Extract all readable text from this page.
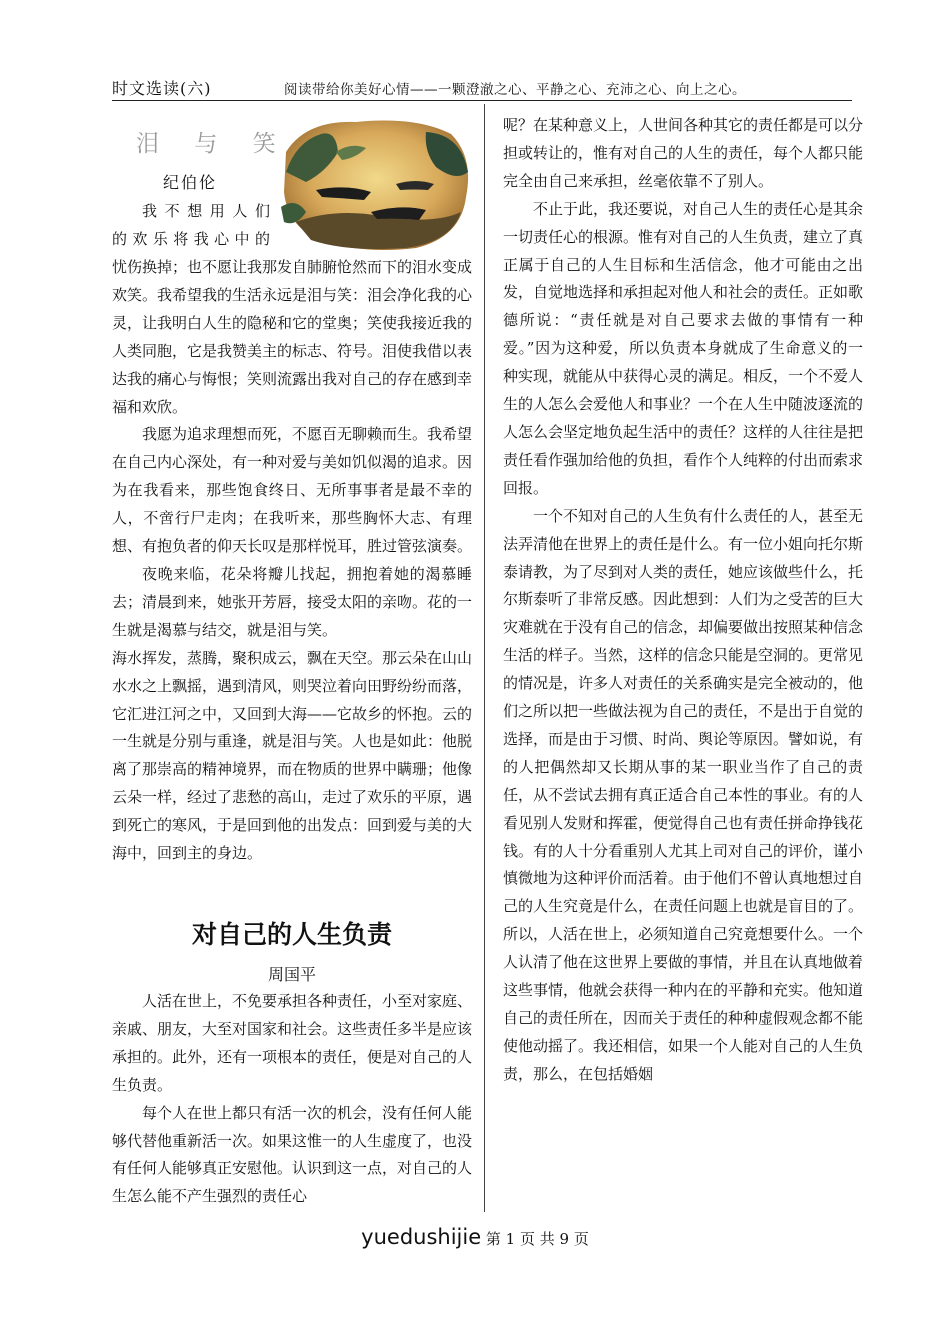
时文选读(六)	阅读带给你美好心情——一颗澄澈之心、平静之心、充沛之心、向上之心。
泪 与 笑
纪伯伦

我不想用人们

的欢乐将我心中的

忧伤换掉；也不愿让我那发自肺腑怆然而下的泪水变成欢笑。我希望我的生活永远是泪与笑：泪会净化我的心灵，让我明白人生的隐秘和它的堂奥；笑使我接近我的人类同胞，它是我赞美主的标志、符号。泪使我借以表达我的痛心与悔恨；笑则流露出我对自己的存在感到幸福和欢欣。

我愿为追求理想而死，不愿百无聊赖而生。我希望在自己内心深处，有一种对爱与美如饥似渴的追求。因为在我看来，那些饱食终日、无所事事者是最不幸的人，不啻行尸走肉；在我听来，那些胸怀大志、有理想、有抱负者的仰天长叹是那样悦耳，胜过管弦演奏。

夜晚来临，花朵将瓣儿找起，拥抱着她的渴慕睡去；清晨到来，她张开芳唇，接受太阳的亲吻。花的一生就是渴慕与结交，就是泪与笑。

海水挥发，蒸腾，聚积成云，飘在天空。那云朵在山山水水之上飘摇，遇到清风，则哭泣着向田野纷纷而落，它汇进江河之中，又回到大海——它故乡的怀抱。云的一生就是分别与重逢，就是泪与笑。人也是如此：他脱离了那崇高的精神境界，而在物质的世界中瞒珊；他像云朵一样，经过了悲愁的高山，走过了欢乐的平原，遇到死亡的寒风，于是回到他的出发点：回到爱与美的大海中，回到主的身边。

对自己的人生负责
周国平

人活在世上，不免要承担各种责任，小至对家庭、亲戚、朋友，大至对国家和社会。这些责任多半是应该承担的。此外，还有一项根本的责任，便是对自己的人生负责。

每个人在世上都只有活一次的机会，没有任何人能够代替他重新活一次。如果这惟一的人生虚度了，也没有任何人能够真正安慰他。认识到这一点，对自己的人生怎么能不产生强烈的责任心

呢？在某种意义上，人世间各种其它的责任都是可以分担或转让的，惟有对自己的人生的责任，每个人都只能完全由自己来承担，丝毫依靠不了别人。

不止于此，我还要说，对自己人生的责任心是其余一切责任心的根源。惟有对自己的人生负责，建立了真正属于自己的人生目标和生活信念，他才可能由之出发，自觉地选择和承担起对他人和社会的责任。正如歌德所说：“责任就是对自己要求去做的事情有一种爱。”因为这种爱，所以负责本身就成了生命意义的一种实现，就能从中获得心灵的满足。相反，一个不爱人生的人怎么会爱他人和事业？一个在人生中随波逐流的人怎么会坚定地负起生活中的责任？这样的人往往是把责任看作强加给他的负担，看作个人纯粹的付出而索求回报。

一个不知对自己的人生负有什么责任的人，甚至无法弄清他在世界上的责任是什么。有一位小姐向托尔斯泰请教，为了尽到对人类的责任，她应该做些什么，托尔斯泰听了非常反感。因此想到：人们为之受苦的巨大灾难就在于没有自己的信念，却偏要做出按照某种信念生活的样子。当然，这样的信念只能是空洞的。更常见的情况是，许多人对责任的关系确实是完全被动的，他们之所以把一些做法视为自己的责任，不是出于自觉的选择，而是由于习惯、时尚、舆论等原因。譬如说，有的人把偶然却又长期从事的某一职业当作了自己的责任，从不尝试去拥有真正适合自己本性的事业。有的人看见别人发财和挥霍，便觉得自己也有责任拼命挣钱花钱。有的人十分看重别人尤其上司对自己的评价，谨小慎微地为这种评价而活着。由于他们不曾认真地想过自己的人生究竟是什么，在责任问题上也就是盲目的了。

所以，人活在世上，必须知道自己究竟想要什么。一个人认清了他在这世界上要做的事情，并且在认真地做着这些事情，他就会获得一种内在的平静和充实。他知道自己的责任所在，因而关于责任的种种虚假观念都不能使他动摇了。我还相信，如果一个人能对自己的人生负责，那么，在包括婚姻

yuedushijie 第 1 页 共 9 页
